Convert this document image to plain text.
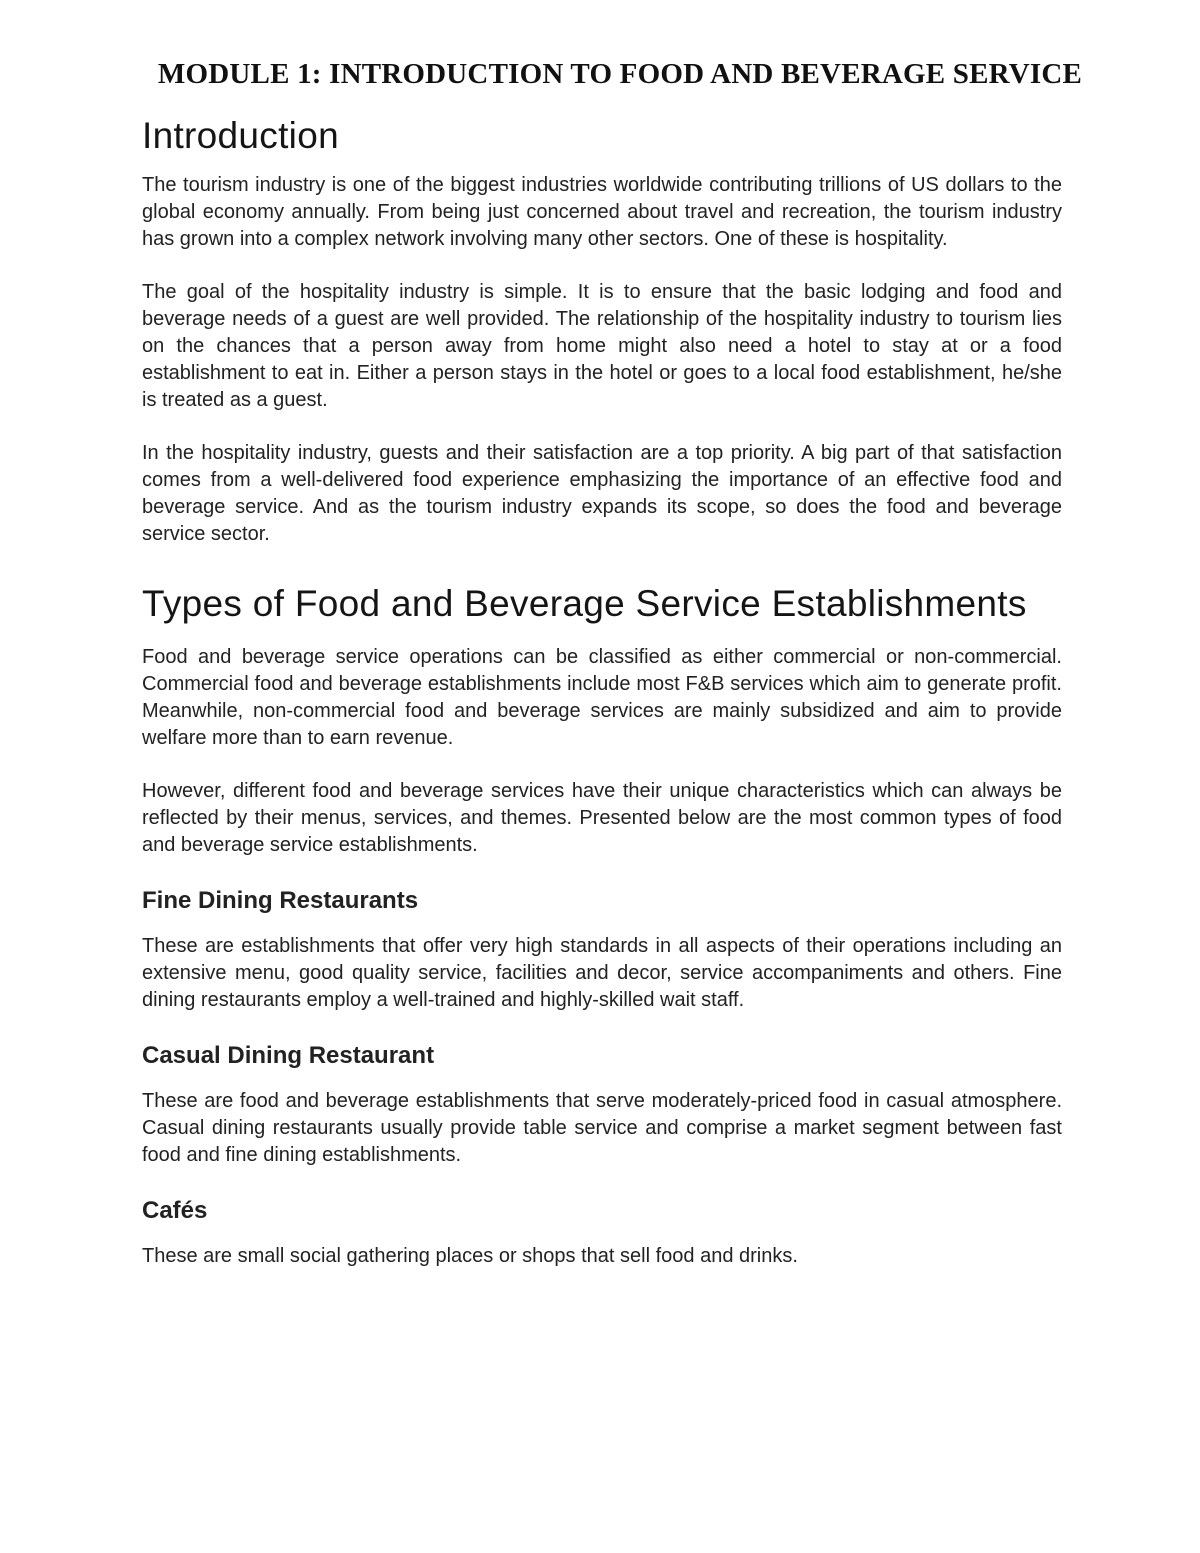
MODULE 1: INTRODUCTION TO FOOD AND BEVERAGE SERVICE
Introduction

The tourism industry is one of the biggest industries worldwide contributing trillions of US dollars to the global economy annually. From being just concerned about travel and recreation, the tourism industry has grown into a complex network involving many other sectors. One of these is hospitality.

The goal of the hospitality industry is simple. It is to ensure that the basic lodging and food and beverage needs of a guest are well provided. The relationship of the hospitality industry to tourism lies on the chances that a person away from home might also need a hotel to stay at or a food establishment to eat in. Either a person stays in the hotel or goes to a local food establishment, he/she is treated as a guest.

In the hospitality industry, guests and their satisfaction are a top priority. A big part of that satisfaction comes from a well-delivered food experience emphasizing the importance of an effective food and beverage service. And as the tourism industry expands its scope, so does the food and beverage service sector.

Types of Food and Beverage Service Establishments

Food and beverage service operations can be classified as either commercial or non-commercial. Commercial food and beverage establishments include most F&B services which aim to generate profit. Meanwhile, non-commercial food and beverage services are mainly subsidized and aim to provide welfare more than to earn revenue.

However, different food and beverage services have their unique characteristics which can always be reflected by their menus, services, and themes. Presented below are the most common types of food and beverage service establishments.

Fine Dining Restaurants

These are establishments that offer very high standards in all aspects of their operations including an extensive menu, good quality service, facilities and decor, service accompaniments and others. Fine dining restaurants employ a well-trained and highly-skilled wait staff.

Casual Dining Restaurant

These are food and beverage establishments that serve moderately-priced food in casual atmosphere. Casual dining restaurants usually provide table service and comprise a market segment between fast food and fine dining establishments.

Cafés

These are small social gathering places or shops that sell food and drinks.
